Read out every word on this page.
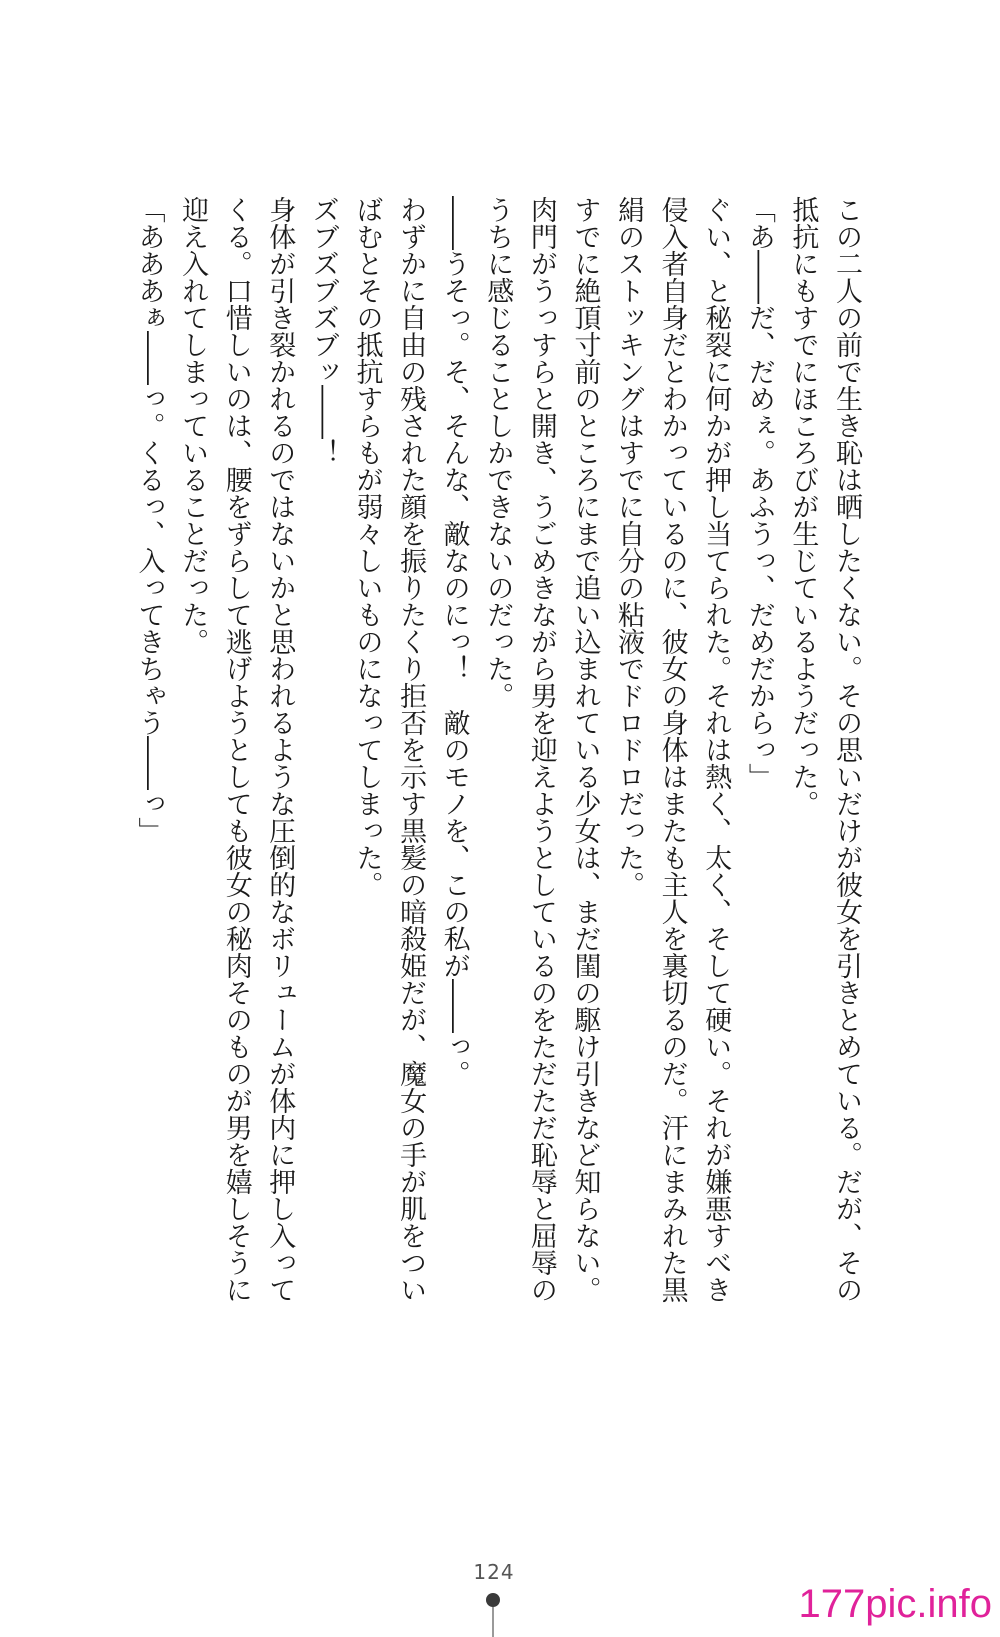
この二人の前で生き恥は晒したくない。その思いだけが彼女を引きとめている。だが、その抵抗にもすでにほころびが生じているようだった。

「あ――だ、だめぇ。あふうっ、だめだからっ」

ぐい、と秘裂に何かが押し当てられた。それは熱く、太く、そして硬い。それが嫌悪すべき侵入者自身だとわかっているのに、彼女の身体はまたも主人を裏切るのだ。汗にまみれた黒絹のストッキングはすでに自分の粘液でドロドロだった。

すでに絶頂寸前のところにまで追い込まれている少女は、まだ閨の駆け引きなど知らない。肉門がうっすらと開き、うごめきながら男を迎えようとしているのをただただ恥辱と屈辱のうちに感じることしかできないのだった。

――うそっ。そ、そんな、敵なのにっ！　敵のモノを、この私が――っ。

わずかに自由の残された顔を振りたくり拒否を示す黒髪の暗殺姫だが、魔女の手が肌をついばむとその抵抗すらもが弱々しいものになってしまった。

ズブズブズブッ――！

身体が引き裂かれるのではないかと思われるような圧倒的なボリュームが体内に押し入ってくる。口惜しいのは、腰をずらして逃げようとしても彼女の秘肉そのものが男を嬉しそうに迎え入れてしまっていることだった。

「あああぁ――っ。くるっ、入ってきちゃう――っ」

124
177pic.info
